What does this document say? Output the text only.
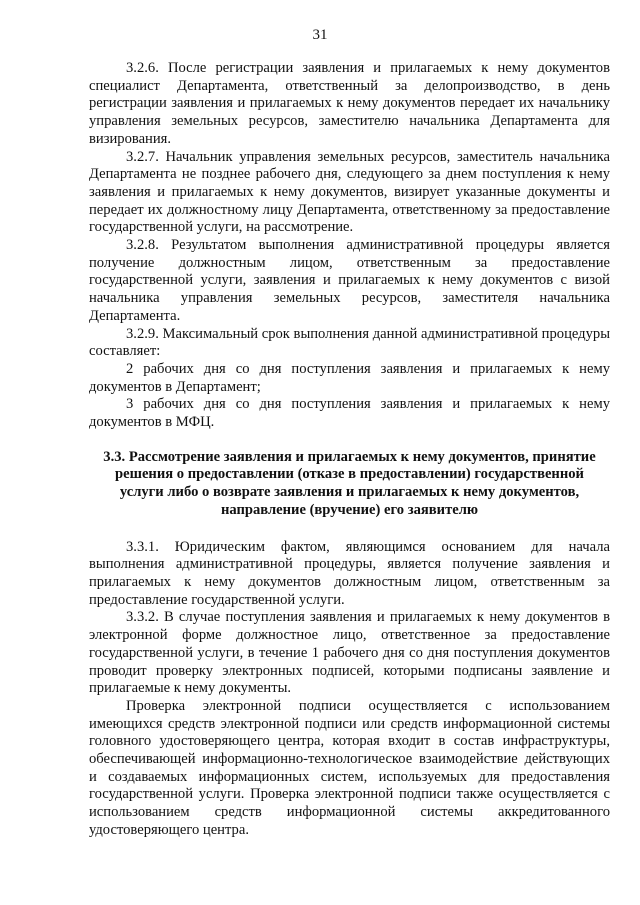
31

3.2.6. После регистрации заявления и прилагаемых к нему документов специалист Департамента, ответственный за делопроизводство, в день регистрации заявления и прилагаемых к нему документов передает их начальнику управления земельных ресурсов, заместителю начальника Департамента для визирования.

3.2.7. Начальник управления земельных ресурсов, заместитель начальника Департамента не позднее рабочего дня, следующего за днем поступления к нему заявления и прилагаемых к нему документов, визирует указанные документы и передает их должностному лицу Департамента, ответственному за предоставление государственной услуги, на рассмотрение.

3.2.8. Результатом выполнения административной процедуры является получение должностным лицом, ответственным за предоставление государственной услуги, заявления и прилагаемых к нему документов с визой начальника управления земельных ресурсов, заместителя начальника Департамента.

3.2.9. Максимальный срок выполнения данной административной процедуры составляет:

2 рабочих дня со дня поступления заявления и прилагаемых к нему документов в Департамент;

3 рабочих дня со дня поступления заявления и прилагаемых к нему документов в МФЦ.

3.3. Рассмотрение заявления и прилагаемых к нему документов, принятие решения о предоставлении (отказе в предоставлении) государственной услуги либо о возврате заявления и прилагаемых к нему документов, направление (вручение) его заявителю

3.3.1. Юридическим фактом, являющимся основанием для начала выполнения административной процедуры, является получение заявления и прилагаемых к нему документов должностным лицом, ответственным за предоставление государственной услуги.

3.3.2. В случае поступления заявления и прилагаемых к нему документов в электронной форме должностное лицо, ответственное за предоставление государственной услуги, в течение 1 рабочего дня со дня поступления документов проводит проверку электронных подписей, которыми подписаны заявление и прилагаемые к нему документы.

Проверка электронной подписи осуществляется с использованием имеющихся средств электронной подписи или средств информационной системы головного удостоверяющего центра, которая входит в состав инфраструктуры, обеспечивающей информационно-технологическое взаимодействие действующих и создаваемых информационных систем, используемых для предоставления государственной услуги. Проверка электронной подписи также осуществляется с использованием средств информационной системы аккредитованного удостоверяющего центра.
